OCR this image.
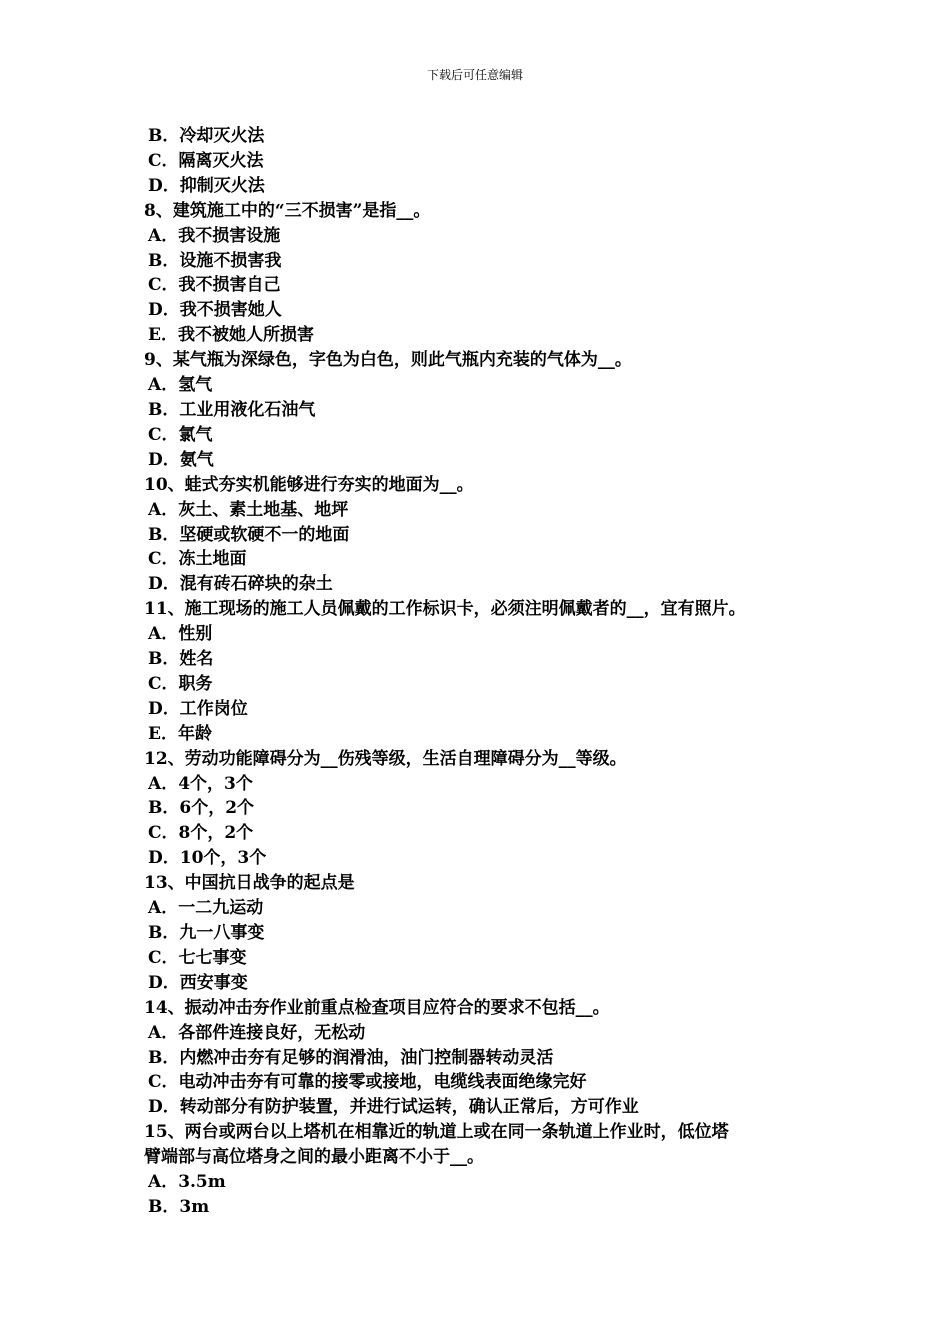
下载后可任意编辑
B．冷却灭火法
C．隔离灭火法
D．抑制灭火法
8、建筑施工中的“三不损害”是指__。
A．我不损害设施
B．设施不损害我
C．我不损害自己
D．我不损害她人
E．我不被她人所损害
9、某气瓶为深绿色，字色为白色，则此气瓶内充装的气体为__。
A．氢气
B．工业用液化石油气
C．氯气
D．氨气
10、蛙式夯实机能够进行夯实的地面为__。
A．灰土、素土地基、地坪
B．坚硬或软硬不一的地面
C．冻土地面
D．混有砖石碎块的杂土
11、施工现场的施工人员佩戴的工作标识卡，必须注明佩戴者的__，宜有照片。
A．性别
B．姓名
C．职务
D．工作岗位
E．年龄
12、劳动功能障碍分为__伤残等级，生活自理障碍分为__等级。
A．4个，3个
B．6个，2个
C．8个，2个
D．10个，3个
13、中国抗日战争的起点是
A．一二九运动
B．九一八事变
C．七七事变
D．西安事变
14、振动冲击夯作业前重点检查项目应符合的要求不包括__。
A．各部件连接良好，无松动
B．内燃冲击夯有足够的润滑油，油门控制器转动灵活
C．电动冲击夯有可靠的接零或接地，电缆线表面绝缘完好
D．转动部分有防护装置，并进行试运转，确认正常后，方可作业
15、两台或两台以上塔机在相靠近的轨道上或在同一条轨道上作业时，低位塔
臂端部与高位塔身之间的最小距离不小于__。
A．3.5m
B．3m
